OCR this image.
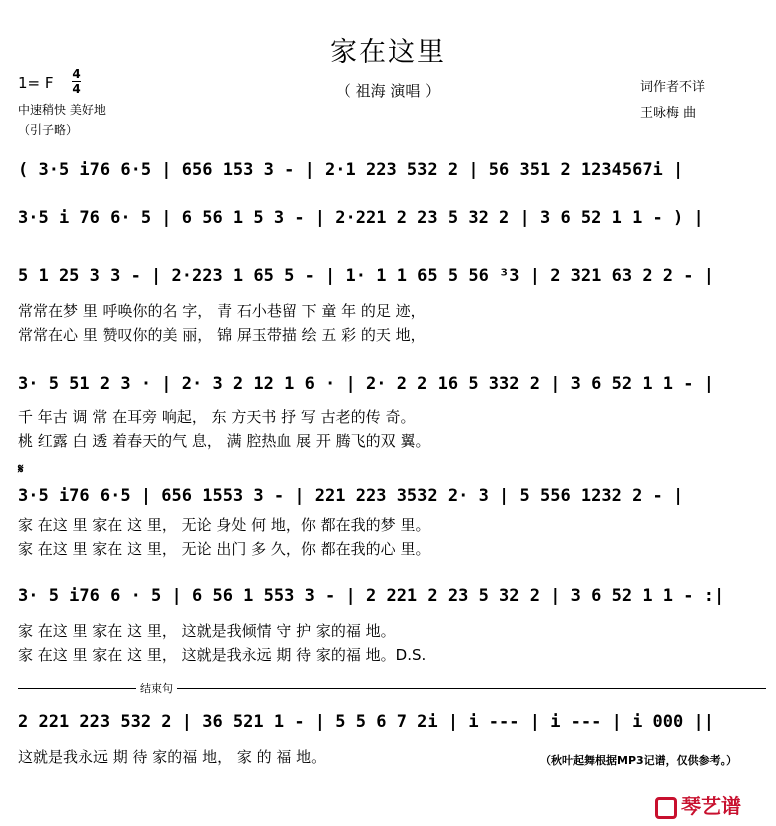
家在这里
（ 祖海 演唱 ）
1= F 4
4
中速稍快 美好地
（引子略）
词作者不详
王咏梅 曲
( 3·5 i76 6·5 | 656 153 3 - | 2·1 223 532 2 | 56 351 2 1234567i |
3·5 i 76 6· 5 | 6 56 1 5 3 - | 2·221 2 23 5 32 2 | 3 6 52 1 1 - ) |
5 1 25 3 3 - | 2·223 1 65 5 - | 1· 1 1 65 5 56 ³3 | 2 321 63 2 2 - |
常常在梦 里 呼唤你的名 字， 青 石小巷留 下 童 年 的足 迹，
常常在心 里 赞叹你的美 丽， 锦 屏玉带描 绘 五 彩 的天 地，
3· 5 51 2 3 · | 2· 3 2 12 1 6 · | 2· 2 2 16 5 332 2 | 3 6 52 1 1 - |
千 年古 调 常 在耳旁 响起， 东 方天书 抒 写 古老的传 奇。
桃 红露 白 透 着春天的气 息， 满 腔热血 展 开 腾飞的双 翼。
𝄋
3·5 i76 6·5 | 656 1553 3 - | 221 223 3532 2· 3 | 5 556 1232 2 - |
家 在这 里 家在 这 里， 无论 身处 何 地，你 都在我的梦 里。
家 在这 里 家在 这 里， 无论 出门 多 久，你 都在我的心 里。
3· 5 i76 6 · 5 | 6 56 1 553 3 - | 2 221 2 23 5 32 2 | 3 6 52 1 1 - :|
家 在这 里 家在 这 里， 这就是我倾情 守 护 家的福 地。
家 在这 里 家在 这 里， 这就是我永远 期 待 家的福 地。D.S.
结束句
2 221 223 532 2 | 36 521 1 - | 5 5 6 7 2i | i --- | i --- | i 000 ||
这就是我永远 期 待 家的福 地， 家 的 福 地。	（秋叶起舞根据MP3记谱，仅供参考。）
琴艺谱
